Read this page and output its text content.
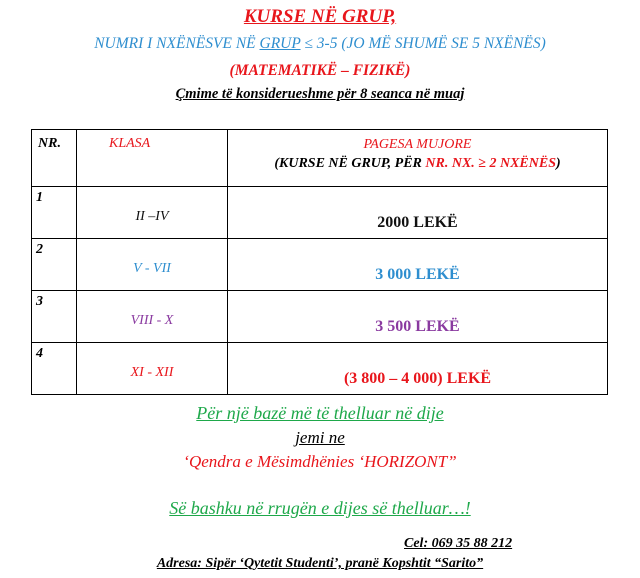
KURSE NË GRUP,
NUMRI I NXËNËSVE NË GRUP ≤ 3-5 (JO MË SHUMË SE 5 NXËNËS)
(MATEMATIKË – FIZIKË)
Çmime të konsiderueshme për 8 seanca në muaj
NR.	KLASA	PAGESA MUJORE
(KURSE NË GRUP, PËR NR. NX. ≥ 2 NXËNËS)

1	II –IV	2000 LEKË

2	V - VII	3 000 LEKË

3	VIII - X	3 500 LEKË

4	XI - XII	(3 800 – 4 000) LEKË
Për një bazë më të thelluar në dije
jemi ne
‘Qendra e Mësimdhënies ‘HORIZONT”
Së bashku në rrugën e dijes së thelluar…!
Cel: 069 35 88 212
Adresa: Sipër ‘Qytetit Studenti’, pranë Kopshtit “Sarito”
